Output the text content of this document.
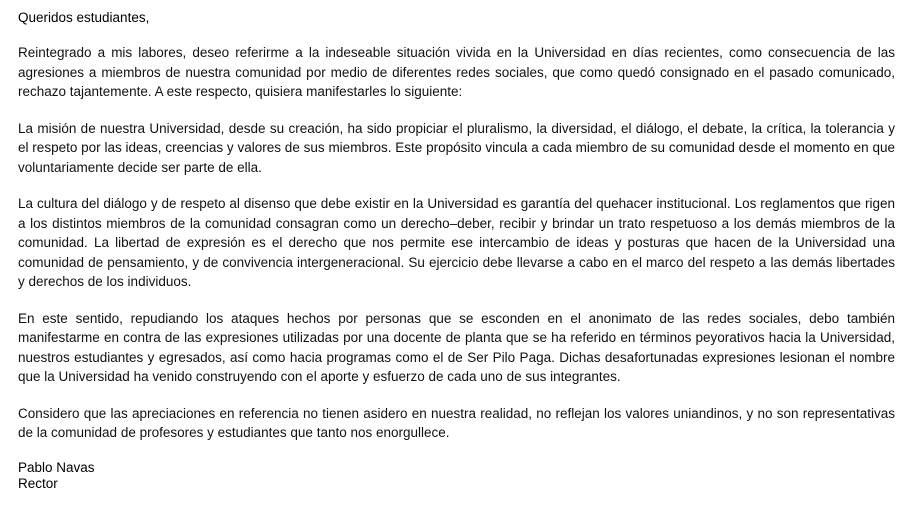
Queridos estudiantes,

Reintegrado a mis labores, deseo referirme a la indeseable situación vivida en la Universidad en días recientes, como consecuencia de las agresiones a miembros de nuestra comunidad por medio de diferentes redes sociales, que como quedó consignado en el pasado comunicado, rechazo tajantemente. A este respecto, quisiera manifestarles lo siguiente:

La misión de nuestra Universidad, desde su creación, ha sido propiciar el pluralismo, la diversidad, el diálogo, el debate, la crítica, la tolerancia y el respeto por las ideas, creencias y valores de sus miembros. Este propósito vincula a cada miembro de su comunidad desde el momento en que voluntariamente decide ser parte de ella.

La cultura del diálogo y de respeto al disenso que debe existir en la Universidad es garantía del quehacer institucional. Los reglamentos que rigen a los distintos miembros de la comunidad consagran como un derecho–deber, recibir y brindar un trato respetuoso a los demás miembros de la comunidad. La libertad de expresión es el derecho que nos permite ese intercambio de ideas y posturas que hacen de la Universidad una comunidad de pensamiento, y de convivencia intergeneracional. Su ejercicio debe llevarse a cabo en el marco del respeto a las demás libertades y derechos de los individuos.

En este sentido, repudiando los ataques hechos por personas que se esconden en el anonimato de las redes sociales, debo también manifestarme en contra de las expresiones utilizadas por una docente de planta que se ha referido en términos peyorativos hacia la Universidad, nuestros estudiantes y egresados, así como hacia programas como el de Ser Pilo Paga. Dichas desafortunadas expresiones lesionan el nombre que la Universidad ha venido construyendo con el aporte y esfuerzo de cada uno de sus integrantes.

Considero que las apreciaciones en referencia no tienen asidero en nuestra realidad, no reflejan los valores uniandinos, y no son representativas de la comunidad de profesores y estudiantes que tanto nos enorgullece.

Pablo Navas
Rector
